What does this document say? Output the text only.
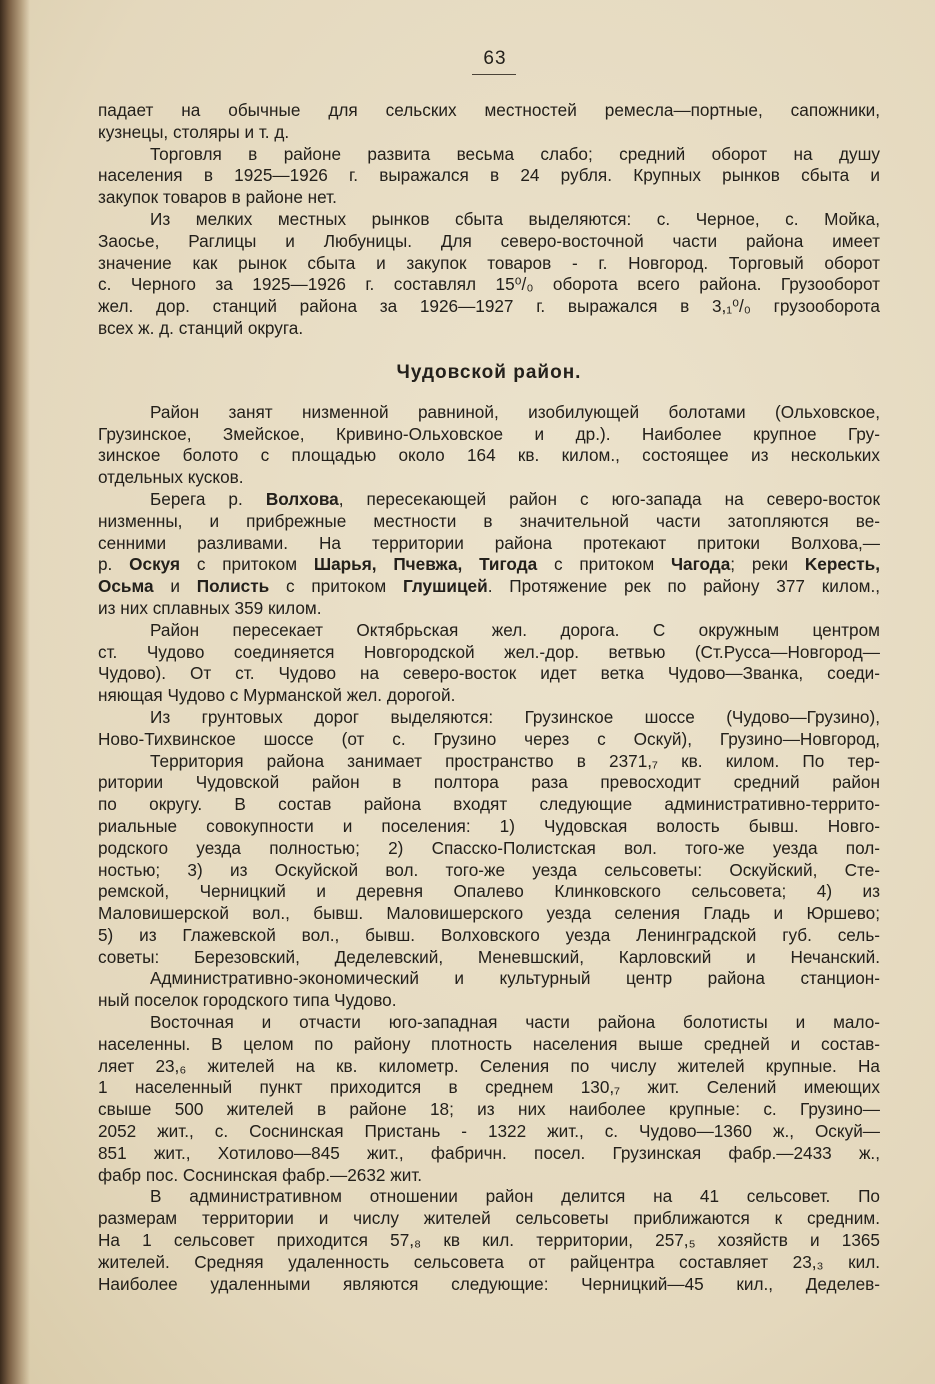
63
падает на обычные для сельских местностей ремесла—портные, сапожники,
кузнецы, столяры и т. д.
Торговля в районе развита весьма слабо; средний оборот на душу
населения в 1925—1926 г. выражался в 24 рубля. Крупных рынков сбыта и
закупок товаров в районе нет.
Из мелких местных рынков сбыта выделяются: с. Черное, с. Мойка,
Заосье, Раглицы и Любуницы. Для северо-восточной части района имеет
значение как рынок сбыта и закупок товаров - г. Новгород. Торговый оборот
с. Черного за 1925—1926 г. составлял 15⁰/₀ оборота всего района. Грузооборот
жел. дор. станций района за 1926—1927 г. выражался в 3,₁⁰/₀ грузооборота
всех ж. д. станций округа.
Чудовской район.
Район занят низменной равниной, изобилующей болотами (Ольховское,
Грузинское, Змейское, Кривино-Ольховское и др.). Наиболее крупное Гру-
зинское болото с площадью около 164 кв. килом., состоящее из нескольких
отдельных кусков.
Берега р. Волхова, пересекающей район с юго-запада на северо-восток
низменны, и прибрежные местности в значительной части затопляются ве-
сенними разливами. На территории района протекают притоки Волхова,—
р. Оскуя с притоком Шарья, Пчевжа, Тигода с притоком Чагода; реки Keресть,
Осьма и Полисть с притоком Глушицей. Протяжение рек по району 377 килом.,
из них сплавных 359 килом.
Район пересекает Октябрьская жел. дорога. С окружным центром
ст. Чудово соединяется Новгородской жел.-дор. ветвью (Ст.Русса—Новгород—
Чудово). От ст. Чудово на северо-восток идет ветка Чудово—Званка, соеди-
няющая Чудово с Мурманской жел. дорогой.
Из грунтовых дорог выделяются: Грузинское шоссе (Чудово—Грузино),
Ново-Тихвинское шоссе (от с. Грузино через с Оскуй), Грузино—Новгород,
Территория района занимает пространство в 2371,₇ кв. килом. По тер-
ритории Чудовской район в полтора раза превосходит средний район
по округу. В состав района входят следующие административно-террито-
риальные совокупности и поселения: 1) Чудовская волость бывш. Новго-
родского уезда полностью; 2) Спасско-Полистская вол. того-же уезда пол-
ностью; 3) из Оскуйской вол. того-же уезда сельсоветы: Оскуйский, Сте-
ремской, Черницкий и деревня Опалево Клинковского сельсовета; 4) из
Маловишерской вол., бывш. Маловишерского уезда селения Гладь и Юршево;
5) из Глажевской вол., бывш. Волховского уезда Ленинградской губ. сель-
советы: Березовский, Деделевский, Меневшский, Карловский и Нечанский.
Административно-экономический и культурный центр района станцион-
ный поселок городского типа Чудово.
Восточная и отчасти юго-западная части района болотисты и мало-
населенны. В целом по району плотность населения выше средней и состав-
ляет 23,₆ жителей на кв. километр. Селения по числу жителей крупные. На
1 населенный пункт приходится в среднем 130,₇ жит. Селений имеющих
свыше 500 жителей в районе 18; из них наиболее крупные: с. Грузино—
2052 жит., с. Соснинская Пристань - 1322 жит., с. Чудово—1360 ж., Оскуй—
851 жит., Хотилово—845 жит., фабричн. посел. Грузинская фабр.—2433 ж.,
фабр пос. Соснинская фабр.—2632 жит.
В административном отношении район делится на 41 сельсовет. По
размерам территории и числу жителей сельсоветы приближаются к средним.
На 1 сельсовет приходится 57,₈ кв кил. территории, 257,₅ хозяйств и 1365
жителей. Средняя удаленность сельсовета от райцентра составляет 23,₃ кил.
Наиболее удаленными являются следующие: Черницкий—45 кил., Деделев-
